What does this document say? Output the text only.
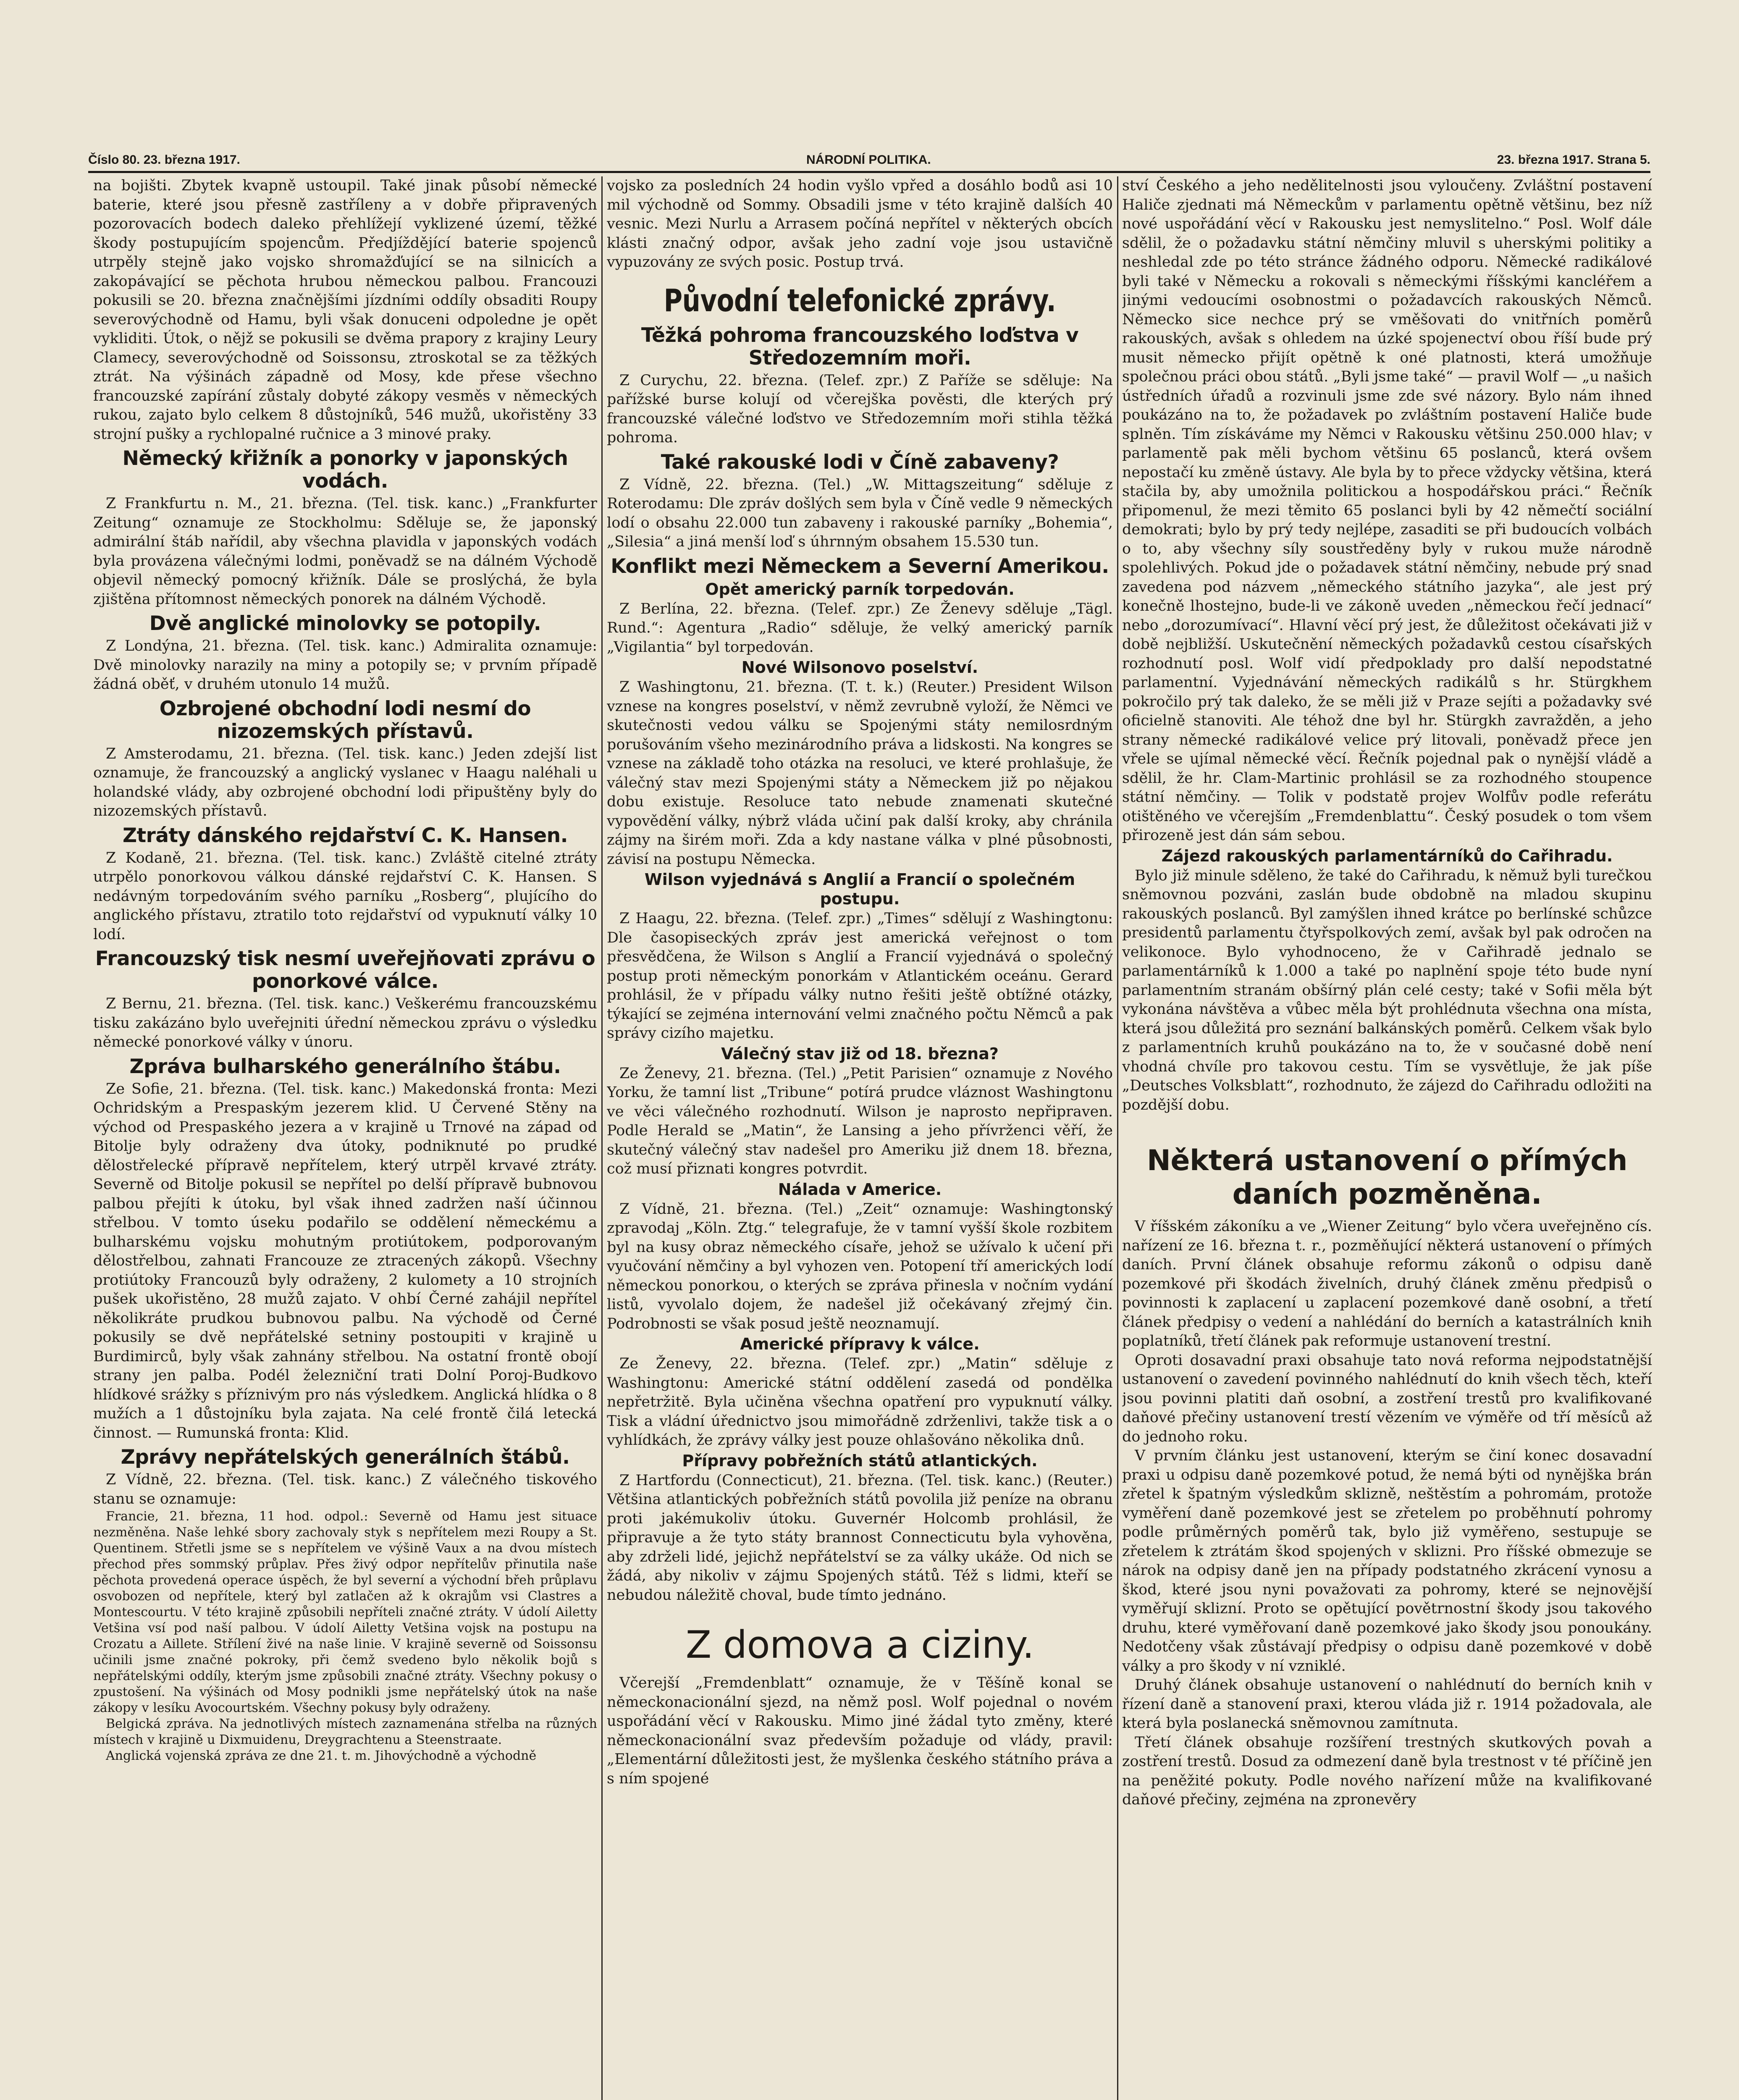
Číslo 80. 23. března 1917.	NÁRODNÍ POLITIKA.	23. března 1917. Strana 5.

na bojišti. Zbytek kvapně ustoupil. Také jinak působí německé baterie, které jsou přesně zastříleny a v dobře připravených pozorovacích bodech daleko přehlížejí vyklizené území, těžké škody postupujícím spojencům. Předjíždějící baterie spojenců utrpěly stejně jako vojsko shromažďující se na silnicích a zakopávající se pěchota hrubou německou palbou. Francouzi pokusili se 20. března značnějšími jízdními oddíly obsaditi Roupy severovýchodně od Hamu, byli však donuceni odpoledne je opět vykliditi. Útok, o nějž se pokusili se dvěma prapory z krajiny Leury Clamecy, severovýchodně od Soissonsu, ztroskotal se za těžkých ztrát. Na výšinách západně od Mosy, kde přese všechno francouzské zapírání zůstaly dobyté zákopy vesměs v německých rukou, zajato bylo celkem 8 důstojníků, 546 mužů, ukořistěny 33 strojní pušky a rychlopalné ručnice a 3 minové praky.

Německý křižník a ponorky v japonských vodách.

Z Frankfurtu n. M., 21. března. (Tel. tisk. kanc.) „Frankfurter Zeitung“ oznamuje ze Stockholmu: Sděluje se, že japonský admirální štáb nařídil, aby všechna plavidla v japonských vodách byla provázena válečnými lodmi, poněvadž se na dálném Východě objevil německý pomocný křižník. Dále se proslýchá, že byla zjištěna přítomnost německých ponorek na dálném Východě.

Dvě anglické minolovky se potopily.

Z Londýna, 21. března. (Tel. tisk. kanc.) Admiralita oznamuje: Dvě minolovky narazily na miny a potopily se; v prvním případě žádná oběť, v druhém utonulo 14 mužů.

Ozbrojené obchodní lodi nesmí do nizozemských přístavů.

Z Amsterodamu, 21. března. (Tel. tisk. kanc.) Jeden zdejší list oznamuje, že francouzský a anglický vyslanec v Haagu naléhali u holandské vlády, aby ozbrojené obchodní lodi připuštěny byly do nizozemských přístavů.

Ztráty dánského rejdařství C. K. Hansen.

Z Kodaně, 21. března. (Tel. tisk. kanc.) Zvláště citelné ztráty utrpělo ponorkovou válkou dánské rejdařství C. K. Hansen. S nedávným torpedováním svého parníku „Rosberg“, plujícího do anglického přístavu, ztratilo toto rejdařství od vypuknutí války 10 lodí.

Francouzský tisk nesmí uveřejňovati zprávu o ponorkové válce.

Z Bernu, 21. března. (Tel. tisk. kanc.) Veškerému francouzskému tisku zakázáno bylo uveřejniti úřední německou zprávu o výsledku německé ponorkové války v únoru.

Zpráva bulharského generálního štábu.

Ze Sofie, 21. března. (Tel. tisk. kanc.) Makedonská fronta: Mezi Ochridským a Prespaským jezerem klid. U Červené Stěny na východ od Prespaského jezera a v krajině u Trnové na západ od Bitolje byly odraženy dva útoky, podniknuté po prudké dělostřelecké přípravě nepřítelem, který utrpěl krvavé ztráty. Severně od Bitolje pokusil se nepřítel po delší přípravě bubnovou palbou přejíti k útoku, byl však ihned zadržen naší účinnou střelbou. V tomto úseku podařilo se oddělení německému a bulharskému vojsku mohutným protiútokem, podporovaným dělostřelbou, zahnati Francouze ze ztracených zákopů. Všechny protiútoky Francouzů byly odraženy, 2 kulomety a 10 strojních pušek ukořistěno, 28 mužů zajato. V ohbí Černé zahájil nepřítel několikráte prudkou bubnovou palbu. Na východě od Černé pokusily se dvě nepřátelské setniny postoupiti v krajině u Burdimirců, byly však zahnány střelbou. Na ostatní frontě obojí strany jen palba. Podél železniční trati Dolní Poroj-Budkovo hlídkové srážky s příznivým pro nás výsledkem. Anglická hlídka o 8 mužích a 1 důstojníku byla zajata. Na celé frontě čilá letecká činnost. — Rumunská fronta: Klid.

Zprávy nepřátelských generálních štábů.

Z Vídně, 22. března. (Tel. tisk. kanc.) Z válečného tiskového stanu se oznamuje:

Francie, 21. března, 11 hod. odpol.: Severně od Hamu jest situace nezměněna. Naše lehké sbory zachovaly styk s nepřítelem mezi Roupy a St. Quentinem. Střetli jsme se s nepřítelem ve výšině Vaux a na dvou místech přechod přes sommský průplav. Přes živý odpor nepřítelův přinutila naše pěchota provedená operace úspěch, že byl severní a východní břeh průplavu osvobozen od nepřítele, který byl zatlačen až k okrajům vsi Clastres a Montescourtu. V této krajině způsobili nepříteli značné ztráty. V údolí Ailetty Vetšina vsí pod naší palbou. V údolí Ailetty Vetšina vojsk na postupu na Crozatu a Aillete. Střílení živé na naše linie. V krajině severně od Soissonsu učinili jsme značné pokroky, při čemž svedeno bylo několik bojů s nepřátelskými oddíly, kterým jsme způsobili značné ztráty. Všechny pokusy o zpustošení. Na výšinách od Mosy podnikli jsme nepřátelský útok na naše zákopy v lesíku Avocourtském. Všechny pokusy byly odraženy.

Belgická zpráva. Na jednotlivých místech zaznamenána střelba na různých místech v krajině u Dixmuidenu, Dreygrachtenu a Steenstraate.

Anglická vojenská zpráva ze dne 21. t. m. Jihovýchodně a východně

vojsko za posledních 24 hodin vyšlo vpřed a dosáhlo bodů asi 10 mil východně od Sommy. Obsadili jsme v této krajině dalších 40 vesnic. Mezi Nurlu a Arrasem počíná nepřítel v některých obcích klásti značný odpor, avšak jeho zadní voje jsou ustavičně vypuzovány ze svých posic. Postup trvá.

Původní telefonické zprávy.
Těžká pohroma francouzského loďstva v Středozemním moři.

Z Curychu, 22. března. (Telef. zpr.) Z Paříže se sděluje: Na pařížské burse kolují od včerejška pověsti, dle kterých prý francouzské válečné loďstvo ve Středozemním moři stihla těžká pohroma.

Také rakouské lodi v Číně zabaveny?

Z Vídně, 22. března. (Tel.) „W. Mittagszeitung“ sděluje z Roterodamu: Dle zpráv došlých sem byla v Číně vedle 9 německých lodí o obsahu 22.000 tun zabaveny i rakouské parníky „Bohemia“, „Silesia“ a jiná menší loď s úhrnným obsahem 15.530 tun.

Konflikt mezi Německem a Severní Amerikou.
Opět americký parník torpedován.

Z Berlína, 22. března. (Telef. zpr.) Ze Ženevy sděluje „Tägl. Rund.“: Agentura „Radio“ sděluje, že velký americký parník „Vigilantia“ byl torpedován.

Nové Wilsonovo poselství.

Z Washingtonu, 21. března. (T. t. k.) (Reuter.) President Wilson vznese na kongres poselství, v němž zevrubně vyloží, že Němci ve skutečnosti vedou válku se Spojenými státy nemilosrdným porušováním všeho mezinárodního práva a lidskosti. Na kongres se vznese na základě toho otázka na resoluci, ve které prohlašuje, že válečný stav mezi Spojenými státy a Německem již po nějakou dobu existuje. Resoluce tato nebude znamenati skutečné vypovědění války, nýbrž vláda učiní pak další kroky, aby chránila zájmy na širém moři. Zda a kdy nastane válka v plné působnosti, závisí na postupu Německa.

Wilson vyjednává s Anglií a Francií o společném postupu.

Z Haagu, 22. března. (Telef. zpr.) „Times“ sdělují z Washingtonu: Dle časopiseckých zpráv jest americká veřejnost o tom přesvědčena, že Wilson s Anglií a Francií vyjednává o společný postup proti německým ponorkám v Atlantickém oceánu. Gerard prohlásil, že v případu války nutno řešiti ještě obtížné otázky, týkající se zejména internování velmi značného počtu Němců a pak správy cizího majetku.

Válečný stav již od 18. března?

Ze Ženevy, 21. března. (Tel.) „Petit Parisien“ oznamuje z Nového Yorku, že tamní list „Tribune“ potírá prudce vláznost Washingtonu ve věci válečného rozhodnutí. Wilson je naprosto nepřipraven. Podle Herald se „Matin“, že Lansing a jeho přívrženci věří, že skutečný válečný stav nadešel pro Ameriku již dnem 18. března, což musí přiznati kongres potvrdit.

Nálada v Americe.

Z Vídně, 21. března. (Tel.) „Zeit“ oznamuje: Washingtonský zpravodaj „Köln. Ztg.“ telegrafuje, že v tamní vyšší škole rozbitem byl na kusy obraz německého císaře, jehož se užívalo k učení při vyučování němčiny a byl vyhozen ven. Potopení tří amerických lodí německou ponorkou, o kterých se zpráva přinesla v nočním vydání listů, vyvolalo dojem, že nadešel již očekávaný zřejmý čin. Podrobnosti se však posud ještě neoznamují.

Americké přípravy k válce.

Ze Ženevy, 22. března. (Telef. zpr.) „Matin“ sděluje z Washingtonu: Americké státní oddělení zasedá od pondělka nepřetržitě. Byla učiněna všechna opatření pro vypuknutí války. Tisk a vládní úřednictvo jsou mimořádně zdrženlivi, takže tisk a o vyhlídkách, že zprávy války jest pouze ohlašováno několika dnů.

Přípravy pobřežních států atlantických.

Z Hartfordu (Connecticut), 21. března. (Tel. tisk. kanc.) (Reuter.) Většina atlantických pobřežních států povolila již peníze na obranu proti jakémukoliv útoku. Guvernér Holcomb prohlásil, že připravuje a že tyto státy brannost Connecticutu byla vyhověna, aby zdrželi lidé, jejichž nepřátelství se za války ukáže. Od nich se žádá, aby nikoliv v zájmu Spojených států. Též s lidmi, kteří se nebudou náležitě choval, bude tímto jednáno.

Z domova a ciziny.

Včerejší „Fremdenblatt“ oznamuje, že v Těšíně konal se německonacionální sjezd, na němž posl. Wolf pojednal o novém uspořádání věcí v Rakousku. Mimo jiné žádal tyto změny, které německonacionální svaz především požaduje od vlády, pravil: „Elementární důležitosti jest, že myšlenka českého státního práva a s ním spojené

ství Českého a jeho nedělitelnosti jsou vyloučeny. Zvláštní postavení Haliče zjednati má Německům v parlamentu opětně většinu, bez níž nové uspořádání věcí v Rakousku jest nemyslitelno.“ Posl. Wolf dále sdělil, že o požadavku státní němčiny mluvil s uherskými politiky a neshledal zde po této stránce žádného odporu. Německé radikálové byli také v Německu a rokovali s německými říšskými kancléřem a jinými vedoucími osobnostmi o požadavcích rakouských Němců. Německo sice nechce prý se vměšovati do vnitřních poměrů rakouských, avšak s ohledem na úzké spojenectví obou říší bude prý musit německo přijít opětně k oné platnosti, která umožňuje společnou práci obou států. „Byli jsme také“ — pravil Wolf — „u našich ústředních úřadů a rozvinuli jsme zde své názory. Bylo nám ihned poukázáno na to, že požadavek po zvláštním postavení Haliče bude splněn. Tím získáváme my Němci v Rakousku většinu 250.000 hlav; v parlamentě pak měli bychom většinu 65 poslanců, která ovšem nepostačí ku změně ústavy. Ale byla by to přece vždycky většina, která stačila by, aby umožnila politickou a hospodářskou práci.“ Řečník připomenul, že mezi těmito 65 poslanci byli by 42 němečtí sociální demokrati; bylo by prý tedy nejlépe, zasaditi se při budoucích volbách o to, aby všechny síly soustředěny byly v rukou muže národně spolehlivých. Pokud jde o požadavek státní němčiny, nebude prý snad zavedena pod názvem „německého státního jazyka“, ale jest prý konečně lhostejno, bude-li ve zákoně uveden „německou řečí jednací“ nebo „dorozumívací“. Hlavní věcí prý jest, že důležitost očekávati již v době nejbližší. Uskutečnění německých požadavků cestou císařských rozhodnutí posl. Wolf vidí předpoklady pro další nepodstatné parlamentní. Vyjednávání německých radikálů s hr. Stürgkhem pokročilo prý tak daleko, že se měli již v Praze sejíti a požadavky své oficielně stanoviti. Ale téhož dne byl hr. Stürgkh zavražděn, a jeho strany německé radikálové velice prý litovali, poněvadž přece jen vřele se ujímal německé věcí. Řečník pojednal pak o nynější vládě a sdělil, že hr. Clam-Martinic prohlásil se za rozhodného stoupence státní němčiny. — Tolik v podstatě projev Wolfův podle referátu otištěného ve včerejším „Fremdenblattu“. Český posudek o tom všem přirozeně jest dán sám sebou.

Zájezd rakouských parlamentárníků do Cařihradu.

Bylo již minule sděleno, že také do Cařihradu, k němuž byli turečkou sněmovnou pozváni, zaslán bude obdobně na mladou skupinu rakouských poslanců. Byl zamýšlen ihned krátce po berlínské schůzce presidentů parlamentu čtyřspolkových zemí, avšak byl pak odročen na velikonoce. Bylo vyhodnoceno, že v Cařihradě jednalo se parlamentárníků k 1.000 a také po naplnění spoje této bude nyní parlamentním stranám obšírný plán celé cesty; také v Sofii měla být vykonána návštěva a vůbec měla být prohlédnuta všechna ona místa, která jsou důležitá pro seznání balkánských poměrů. Celkem však bylo z parlamentních kruhů poukázáno na to, že v současné době není vhodná chvíle pro takovou cestu. Tím se vysvětluje, že jak píše „Deutsches Volksblatt“, rozhodnuto, že zájezd do Cařihradu odložiti na pozdější dobu.

Některá ustanovení o přímých daních pozměněna.

V říšském zákoníku a ve „Wiener Zeitung“ bylo včera uveřejněno cís. nařízení ze 16. března t. r., pozměňující některá ustanovení o přímých daních. První článek obsahuje reformu zákonů o odpisu daně pozemkové při škodách živelních, druhý článek změnu předpisů o povinnosti k zaplacení u zaplacení pozemkové daně osobní, a třetí článek předpisy o vedení a nahlédání do berních a katastrálních knih poplatníků, třetí článek pak reformuje ustanovení trestní.

Oproti dosavadní praxi obsahuje tato nová reforma nejpodstatnější ustanovení o zavedení povinného nahlédnutí do knih všech těch, kteří jsou povinni platiti daň osobní, a zostření trestů pro kvalifikované daňové přečiny ustanovení trestí vězením ve výměře od tří měsíců až do jednoho roku.

V prvním článku jest ustanovení, kterým se činí konec dosavadní praxi u odpisu daně pozemkové potud, že nemá býti od nynějška brán zřetel k špatným výsledkům sklizně, neštěstím a pohromám, protože vyměření daně pozemkové jest se zřetelem po proběhnutí pohromy podle průměrných poměrů tak, bylo již vyměřeno, sestupuje se zřetelem k ztrátám škod spojených v sklizni. Pro říšské obmezuje se nárok na odpisy daně jen na případy podstatného zkrácení vynosu a škod, které jsou nyni považovati za pohromy, které se nejnovější vyměřují sklizní. Proto se opětující povětrnostní škody jsou takového druhu, které vyměřovaní daně pozemkové jako škody jsou ponoukány. Nedotčeny však zůstávají předpisy o odpisu daně pozemkové v době války a pro škody v ní vzniklé.

Druhý článek obsahuje ustanovení o nahlédnutí do berních knih v řízení daně a stanovení praxi, kterou vláda již r. 1914 požadovala, ale která byla poslanecká sněmovnou zamítnuta.

Třetí článek obsahuje rozšíření trestných skutkových povah a zostření trestů. Dosud za odmezení daně byla trestnost v té příčině jen na peněžité pokuty. Podle nového nařízení může na kvalifikované daňové přečiny, zejména na zpronevěry
